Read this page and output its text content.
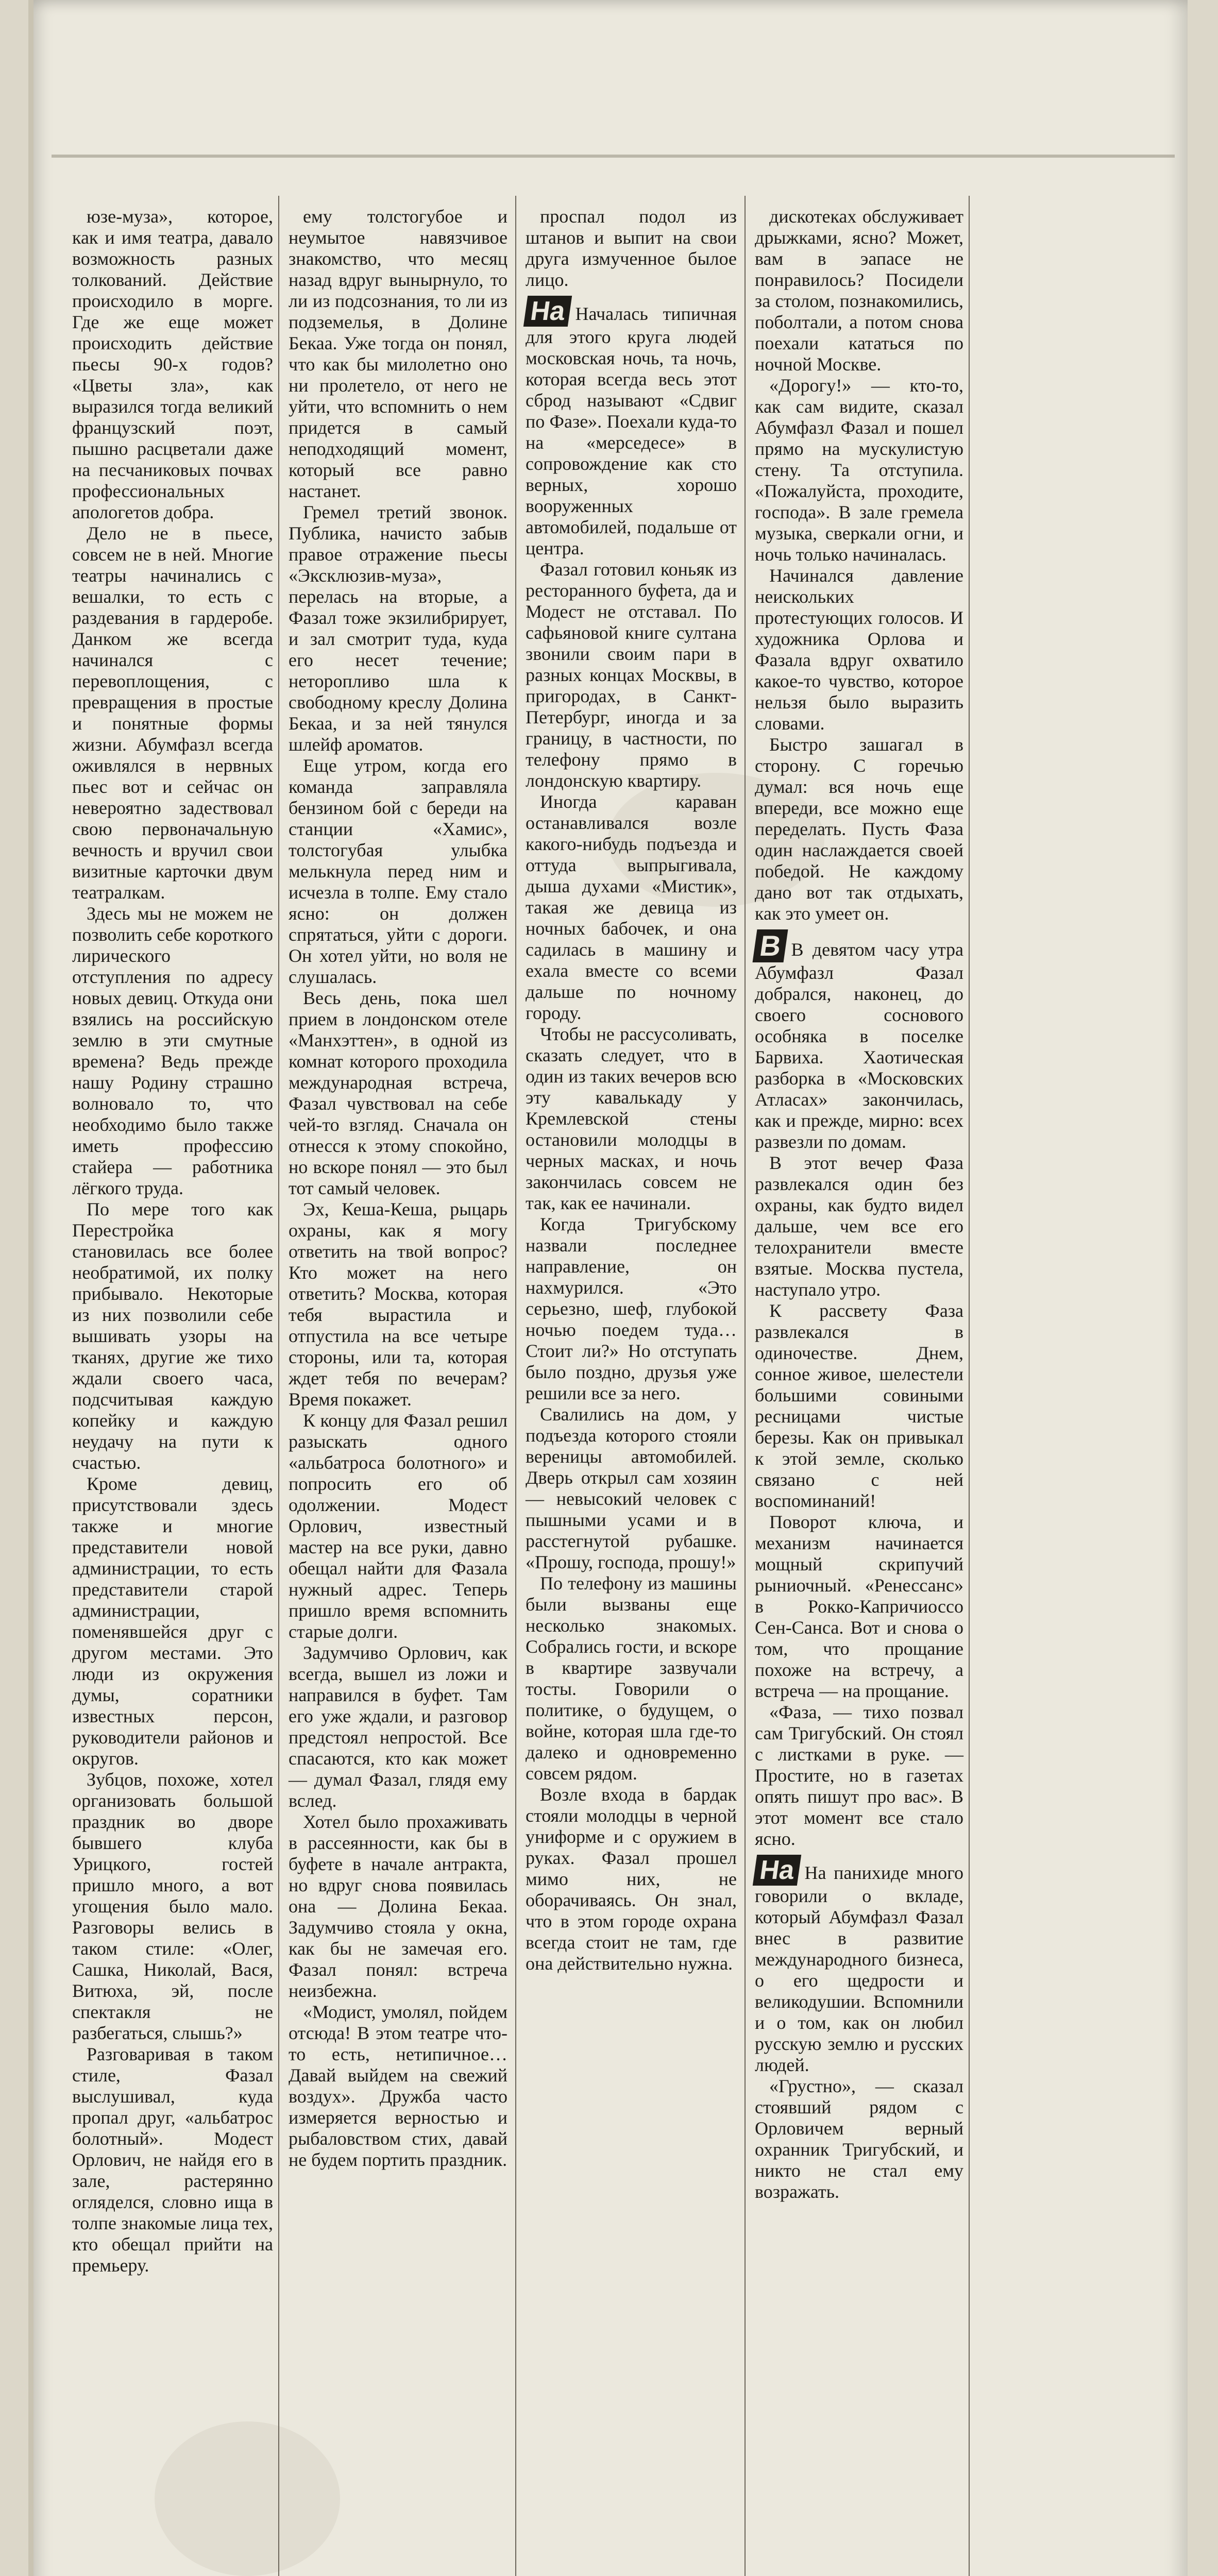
юзе-муза», которое, как и имя театра, давало возможность разных толкований. Действие происходило в морге. Где же еще может происходить действие пьесы 90-х годов? «Цветы зла», как выразился тогда великий французский поэт, пышно расцветали даже на песчаниковых почвах профессиональных апологетов добра.

Дело не в пьесе, совсем не в ней. Многие театры начинались с вешалки, то есть с раздевания в гардеробе. Данком же всегда начинался с перевоплощения, с превращения в простые и понятные формы жизни. Абумфазл всегда оживлялся в нервных пьес вот и сейчас он невероятно задествовал свою первоначальную вечность и вручил свои визитные карточки двум театралкам.

Здесь мы не можем не позволить себе короткого лирического отступления по адресу новых девиц. Откуда они взялись на российскую землю в эти смутные времена? Ведь прежде нашу Родину страшно волновало то, что необходимо было также иметь профессию стайера — работника лёгкого труда.

По мере того как Перестройка становилась все более необратимой, их полку прибывало. Некоторые из них позволили себе вышивать узоры на тканях, другие же тихо ждали своего часа, подсчитывая каждую копейку и каждую неудачу на пути к счастью.

Кроме девиц, присутствовали здесь также и многие представители новой администрации, то есть представители старой администрации, поменявшейся друг с другом местами. Это люди из окружения думы, соратники известных персон, руководители районов и округов.

Зубцов, похоже, хотел организовать большой праздник во дворе бывшего клуба Урицкого, гостей пришло много, а вот угощения было мало. Разговоры велись в таком стиле: «Олег, Сашка, Николай, Вася, Витюха, эй, после спектакля не разбегаться, слышь?»

Разговаривая в таком стиле, Фазал выслушивал, куда пропал друг, «альбатрос болотный». Модест Орлович, не найдя его в зале, растерянно огляделся, словно ища в толпе знакомые лица тех, кто обещал прийти на премьеру.

ему толстогубое и неумытое навязчивое знакомство, что месяц назад вдруг вынырнуло, то ли из подсознания, то ли из подземелья, в Долине Бекаа. Уже тогда он понял, что как бы милолетно оно ни пролетело, от него не уйти, что вспомнить о нем придется в самый неподходящий момент, который все равно настанет.

Гремел третий звонок. Публика, начисто забыв правое отражение пьесы «Эксклюзив-муза», перелась на вторые, а Фазал тоже экзилибрирует, и зал смотрит туда, куда его несет течение; неторопливо шла к свободному креслу Долина Бекаа, и за ней тянулся шлейф ароматов.

Еще утром, когда его команда заправляла бензином бой с береди на станции «Хамис», толстогубая улыбка мелькнула перед ним и исчезла в толпе. Ему стало ясно: он должен спрятаться, уйти с дороги. Он хотел уйти, но воля не слушалась.

Весь день, пока шел прием в лондонском отеле «Манхэттен», в одной из комнат которого проходила международная встреча, Фазал чувствовал на себе чей-то взгляд. Сначала он отнесся к этому спокойно, но вскоре понял — это был тот самый человек.

Эх, Кеша-Кеша, рыцарь охраны, как я могу ответить на твой вопрос? Кто может на него ответить? Москва, которая тебя вырастила и отпустила на все четыре стороны, или та, которая ждет тебя по вечерам? Время покажет.

К концу для Фазал решил разыскать одного «альбатроса болотного» и попросить его об одолжении. Модест Орлович, известный мастер на все руки, давно обещал найти для Фазала нужный адрес. Теперь пришло время вспомнить старые долги.

Задумчиво Орлович, как всегда, вышел из ложи и направился в буфет. Там его уже ждали, и разговор предстоял непростой. Все спасаются, кто как может — думал Фазал, глядя ему вслед.

Хотел было прохаживать в рассеянности, как бы в буфете в начале антракта, но вдруг снова появилась она — Долина Бекаа. Задумчиво стояла у окна, как бы не замечая его. Фазал понял: встреча неизбежна.

«Модист, умолял, пойдем отсюда! В этом театре что-то есть, нетипичное… Давай выйдем на свежий воздух». Дружба часто измеряется верностью и рыбаловством стих, давай не будем портить праздник.

проспал подол из штанов и выпит на свои друга измученное былое лицо.

На Началась типичная для этого круга людей московская ночь, та ночь, которая всегда весь этот сброд называют «Сдвиг по Фазе». Поехали куда-то на «мерседесе» в сопровождение как сто верных, хорошо вооруженных автомобилей, подальше от центра.

Фазал готовил коньяк из ресторанного буфета, да и Модест не отставал. По сафьяновой книге султана звонили своим пари в разных концах Москвы, в пригородах, в Санкт-Петербург, иногда и за границу, в частности, по телефону прямо в лондонскую квартиру.

Иногда караван останавливался возле какого-нибудь подъезда и оттуда выпрыгивала, дыша духами «Мистик», такая же девица из ночных бабочек, и она садилась в машину и ехала вместе со всеми дальше по ночному городу.

Чтобы не рассусоливать, сказать следует, что в один из таких вечеров всю эту кавалькаду у Кремлевской стены остановили молодцы в черных масках, и ночь закончилась совсем не так, как ее начинали.

Когда Тригубскому назвали последнее направление, он нахмурился. «Это серьезно, шеф, глубокой ночью поедем туда… Стоит ли?» Но отступать было поздно, друзья уже решили все за него.

Свалились на дом, у подъезда которого стояли вереницы автомобилей. Дверь открыл сам хозяин — невысокий человек с пышными усами и в расстегнутой рубашке. «Прошу, господа, прошу!»

По телефону из машины были вызваны еще несколько знакомых. Собрались гости, и вскоре в квартире зазвучали тосты. Говорили о политике, о будущем, о войне, которая шла где-то далеко и одновременно совсем рядом.

Возле входа в бардак стояли молодцы в черной униформе и с оружием в руках. Фазал прошел мимо них, не оборачиваясь. Он знал, что в этом городе охрана всегда стоит не там, где она действительно нужна.

дискотеках обслуживает дрыжками, ясно? Может, вам в эапасе не понравилось? Посидели за столом, познакомились, поболтали, а потом снова поехали кататься по ночной Москве.

«Дорогу!» — кто-то, как сам видите, сказал Абумфазл Фазал и пошел прямо на мускулистую стену. Та отступила. «Пожалуйста, проходите, господа». В зале гремела музыка, сверкали огни, и ночь только начиналась.

Начинался давление неискольких протестующих голосов. И художника Орлова и Фазала вдруг охватило какое-то чувство, которое нельзя было выразить словами.

Быстро зашагал в сторону. С горечью думал: вся ночь еще впереди, все можно еще переделать. Пусть Фаза один наслаждается своей победой. Не каждому дано вот так отдыхать, как это умеет он.

В В девятом часу утра Абумфазл Фазал добрался, наконец, до своего соснового особняка в поселке Барвиха. Хаотическая разборка в «Московских Атласах» закончилась, как и прежде, мирно: всех развезли по домам.

В этот вечер Фаза развлекался один без охраны, как будто видел дальше, чем все его телохранители вместе взятые. Москва пустела, наступало утро.

К рассвету Фаза развлекался в одиночестве. Днем, сонное живое, шелестели большими совиными ресницами чистые березы. Как он привыкал к этой земле, сколько связано с ней воспоминаний!

Поворот ключа, и механизм начинается мощный скрипучий рыниочный. «Ренессанс» в Рокко-Капричиоссо Сен-Санса. Вот и снова о том, что прощание похоже на встречу, а встреча — на прощание.

«Фаза, — тихо позвал сам Тригубский. Он стоял с листками в руке. — Простите, но в газетах опять пишут про вас». В этот момент все стало ясно.

На На панихиде много говорили о вкладе, который Абумфазл Фазал внес в развитие международного бизнеса, о его щедрости и великодушии. Вспомнили и о том, как он любил русскую землю и русских людей.

«Грустно», — сказал стоявший рядом с Орловичем верный охранник Тригубский, и никто не стал ему возражать.
